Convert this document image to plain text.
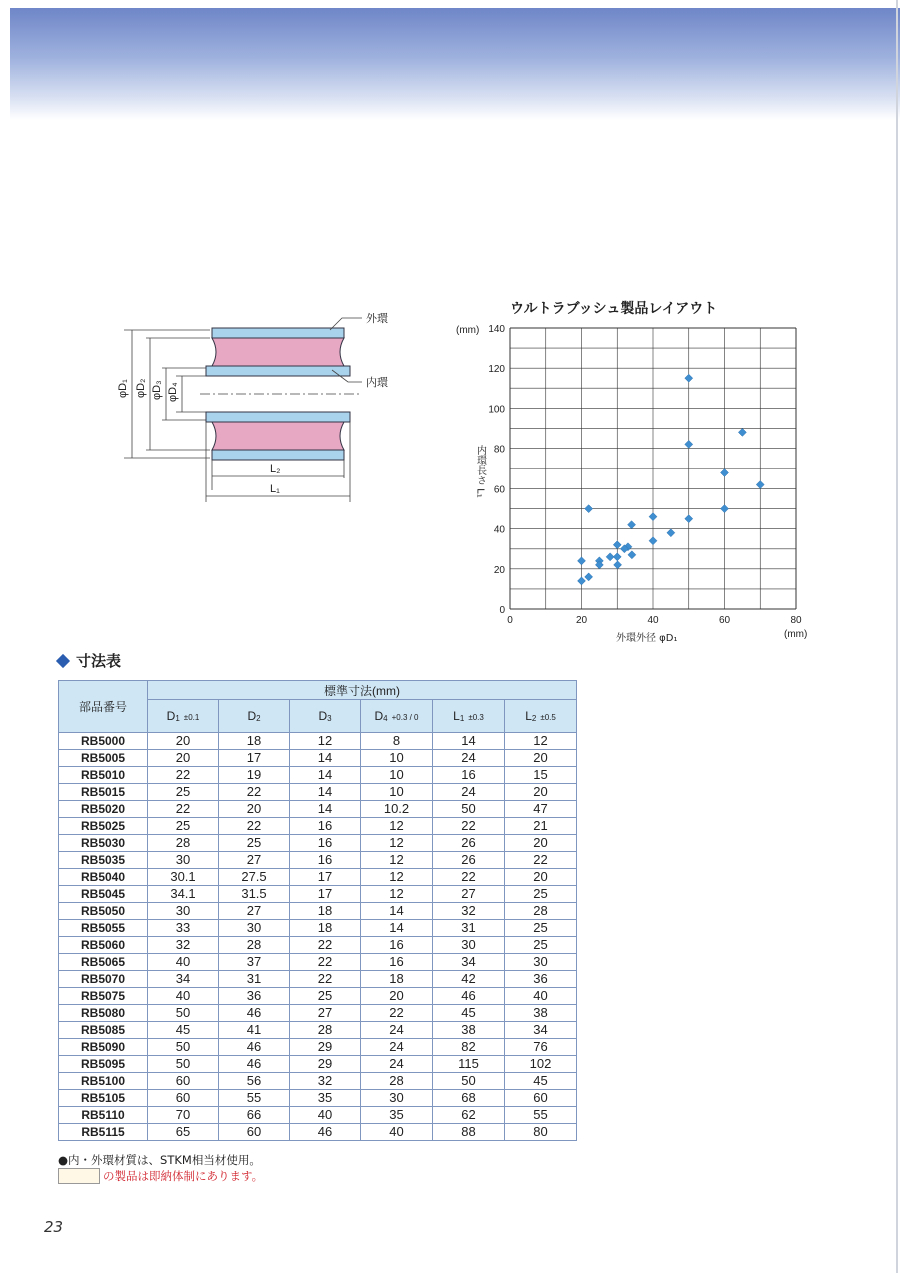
外環
内環
L₂
L₁
φD₁ φD₂ φD₃ φD₄
ウルトラブッシュ製品レイアウト
0	20	40	60	80
0
20
40
60
80
100
120
140
(mm)
(mm)
外環外径 φD₁
内環長さ L₁
寸法表
部品番号	標準寸法(mm)					
	D1 ±0.1	D2	D3	D4 +0.3 / 0	L1 ±0.3	L2 ±0.5
RB5000	20	18	12	8	14	12
RB5005	20	17	14	10	24	20
RB5010	22	19	14	10	16	15
RB5015	25	22	14	10	24	20
RB5020	22	20	14	10.2	50	47
RB5025	25	22	16	12	22	21
RB5030	28	25	16	12	26	20
RB5035	30	27	16	12	26	22
RB5040	30.1	27.5	17	12	22	20
RB5045	34.1	31.5	17	12	27	25
RB5050	30	27	18	14	32	28
RB5055	33	30	18	14	31	25
RB5060	32	28	22	16	30	25
RB5065	40	37	22	16	34	30
RB5070	34	31	22	18	42	36
RB5075	40	36	25	20	46	40
RB5080	50	46	27	22	45	38
RB5085	45	41	28	24	38	34
RB5090	50	46	29	24	82	76
RB5095	50	46	29	24	115	102
RB5100	60	56	32	28	50	45
RB5105	60	55	35	30	68	60
RB5110	70	66	40	35	62	55
RB5115	65	60	46	40	88	80
●内・外環材質は、STKM相当材使用。
の製品は即納体制にあります。
23
